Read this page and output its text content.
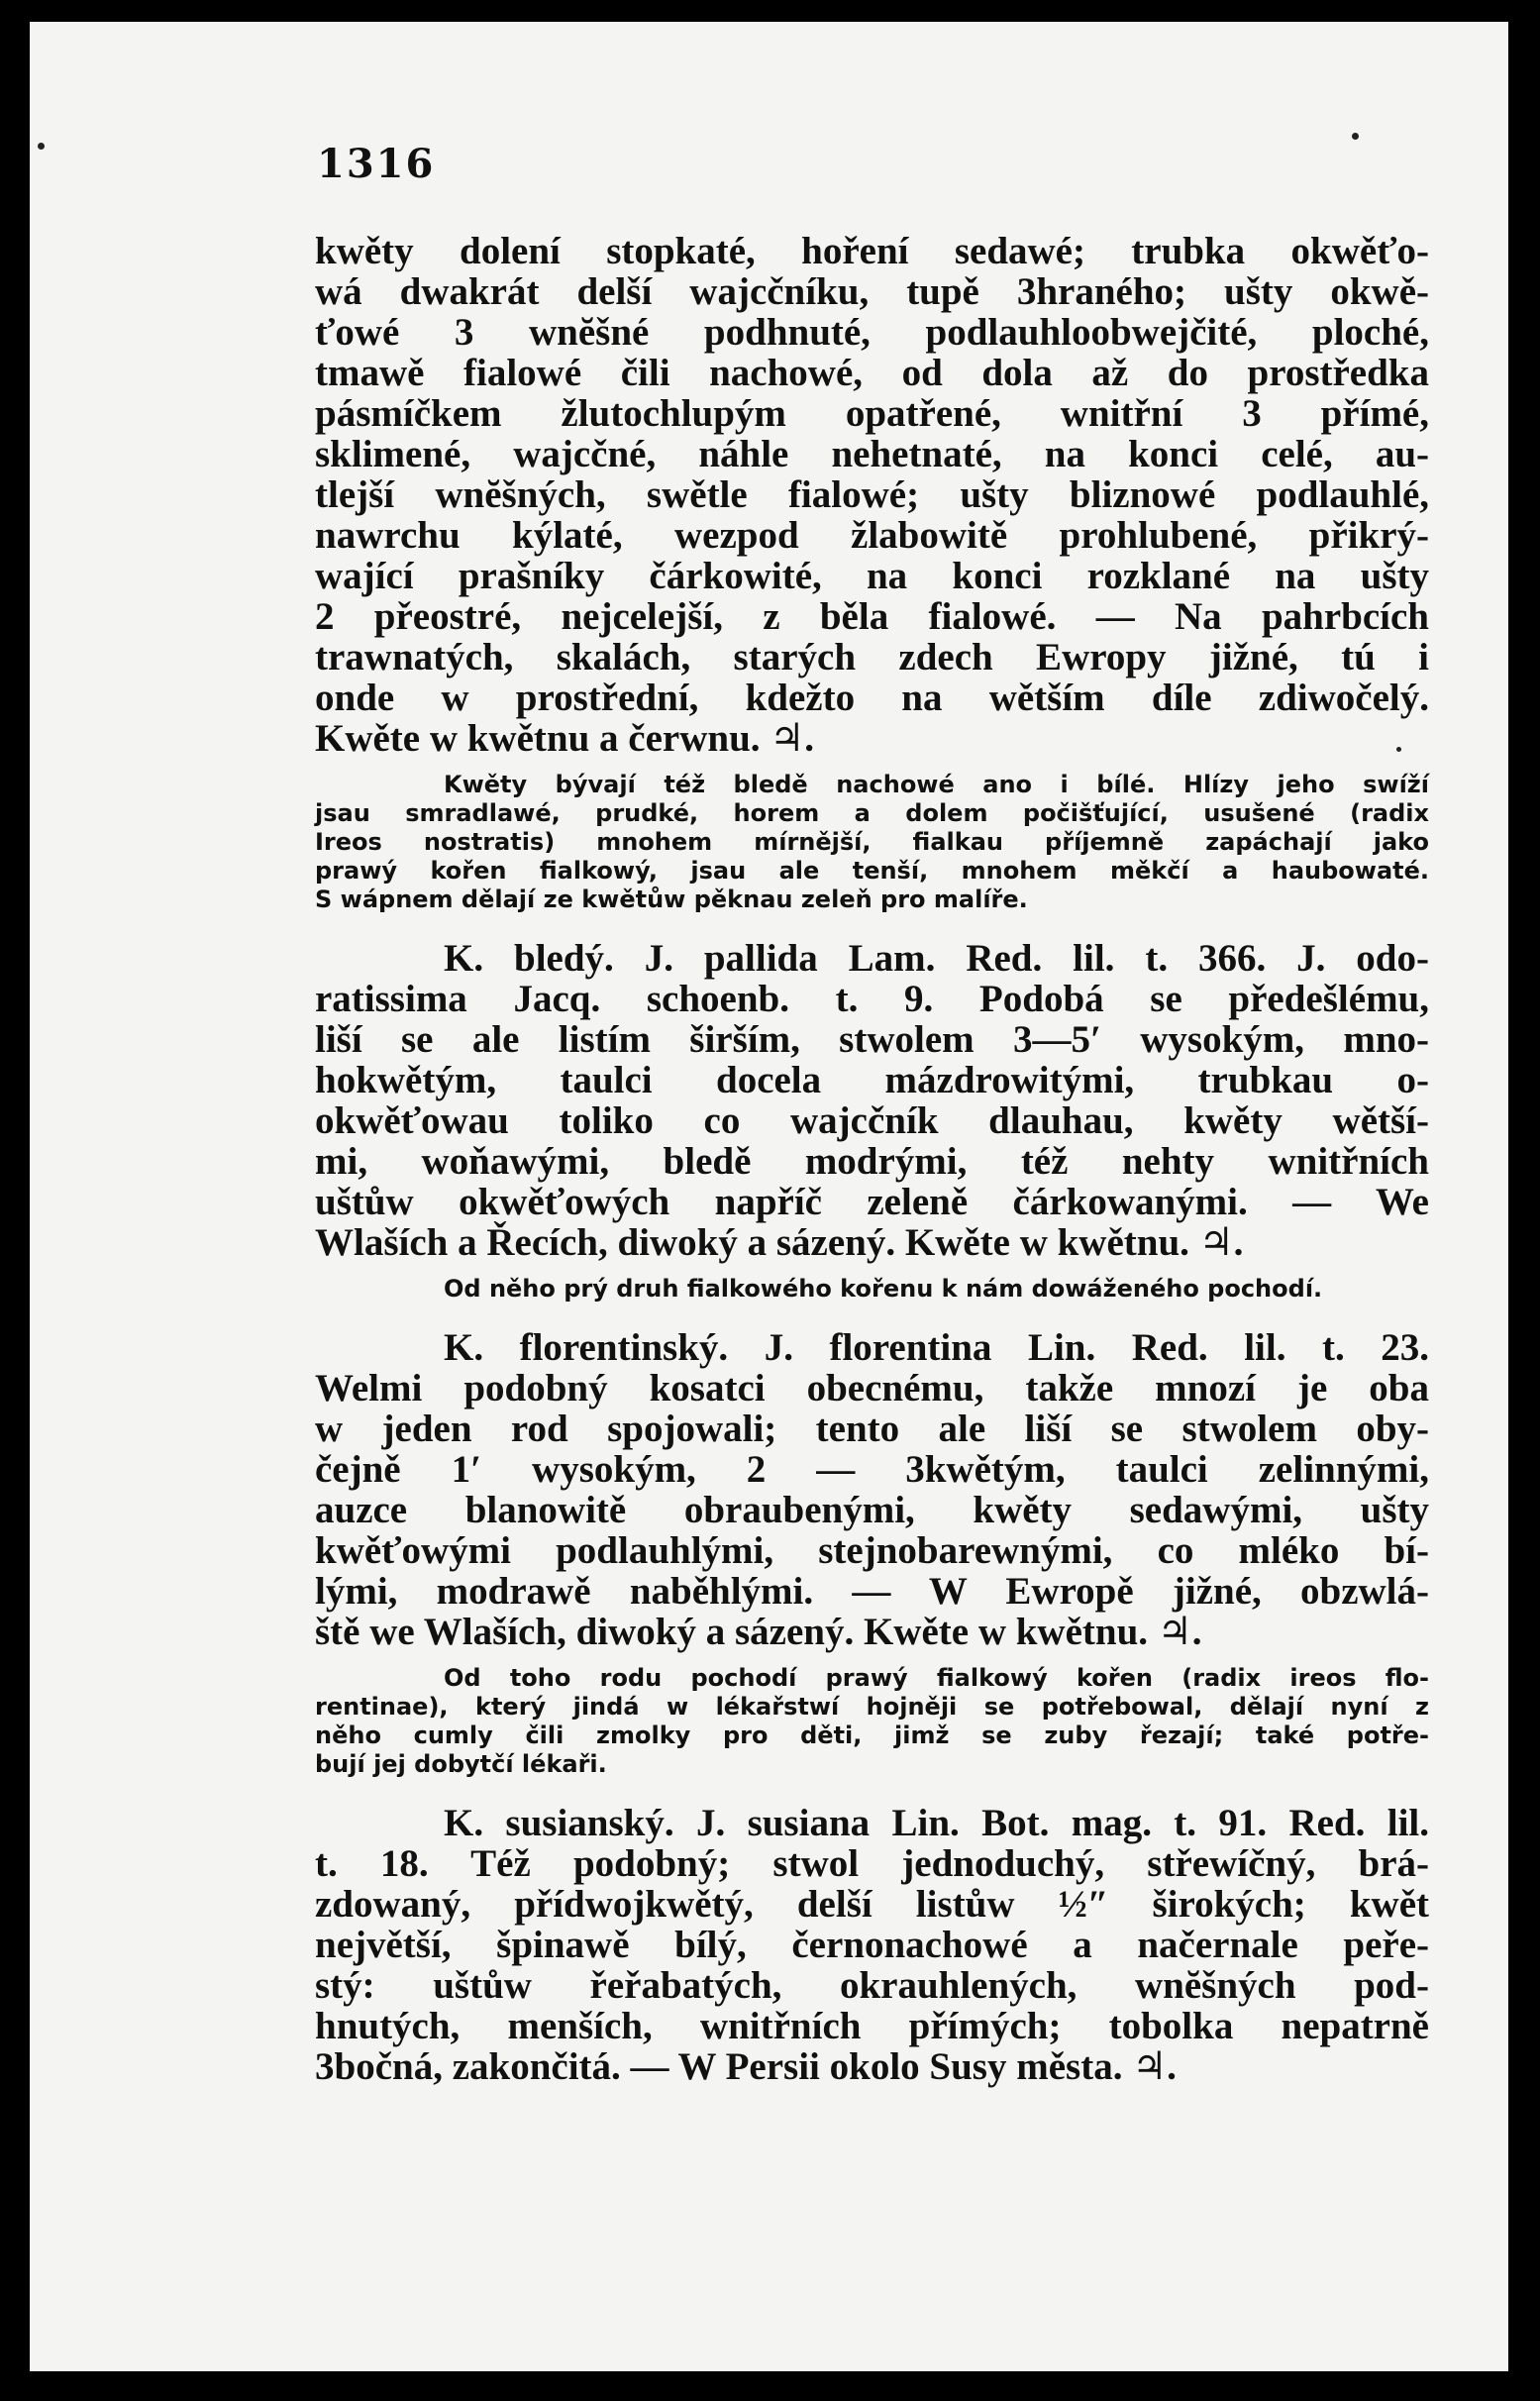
1316
kwěty dolení stopkaté, hoření sedawé; trubka okwěťo-
wá dwakrát delší wajcčníku, tupě 3hraného; ušty okwě-
ťowé 3 wnĕšné podhnuté, podlauhloobwejčité, ploché,
tmawě fialowé čili nachowé, od dola až do prostředka
pásmíčkem žlutochlupým opatřené, wnitřní 3 přímé,
sklimené, wajcčné, náhle nehetnaté, na konci celé, au-
tlejší wnĕšných, swětle fialowé; ušty bliznowé podlauhlé,
nawrchu kýlaté, wezpod žlabowitě prohlubené, přikrý-
wající prašníky čárkowité, na konci rozklané na ušty
2 přeostré, nejcelejší, z běla fialowé. — Na pahrbcích
trawnatých, skalách, starých zdech Ewropy jižné, tú i
onde w prostřední, kdežto na wětším díle zdiwočelý.
Kwěte w kwětnu a čerwnu. ♃.
Kwěty bývají též bledě nachowé ano i bílé. Hlízy jeho swíží
jsau smradlawé, prudké, horem a dolem počišťující, usušené (radix
Ireos nostratis) mnohem mírnější, fialkau příjemně zapáchají jako
prawý kořen fialkowý, jsau ale tenší, mnohem měkčí a haubowaté.
S wápnem dělají ze kwětůw pěknau zeleň pro malíře.
K. bledý. J. pallida Lam. Red. lil. t. 366. J. odo-
ratissima Jacq. schoenb. t. 9. Podobá se předešlému,
liší se ale listím širším, stwolem 3—5′ wysokým, mno-
hokwětým, taulci docela mázdrowitými, trubkau o-
okwěťowau toliko co wajcčník dlauhau, kwěty wětší-
mi, woňawými, bledě modrými, též nehty wnitřních
uštůw okwěťowých napříč zeleně čárkowanými. — We
Wlaších a Řecích, diwoký a sázený. Kwěte w kwětnu. ♃.
Od něho prý druh fialkowého kořenu k nám dowáženého pochodí.
K. florentinský. J. florentina Lin. Red. lil. t. 23.
Welmi podobný kosatci obecnému, takže mnozí je oba
w jeden rod spojowali; tento ale liší se stwolem oby-
čejně 1′ wysokým, 2 — 3kwětým, taulci zelinnými,
auzce blanowitě obraubenými, kwěty sedawými, ušty
kwěťowými podlauhlými, stejnobarewnými, co mléko bí-
lými, modrawě naběhlými. — W Ewropě jižné, obzwlá-
ště we Wlaších, diwoký a sázený. Kwěte w kwětnu. ♃.
Od toho rodu pochodí prawý fialkowý kořen (radix ireos flo-
rentinae), který jindá w lékařstwí hojněji se potřebowal, dělají nyní z
něho cumly čili zmolky pro děti, jimž se zuby řezají; také potře-
bují jej dobytčí lékaři.
K. susianský. J. susiana Lin. Bot. mag. t. 91. Red. lil.
t. 18. Též podobný; stwol jednoduchý, střewíčný, brá-
zdowaný, přídwojkwětý, delší listůw ½″ širokých; kwět
největší, špinawě bílý, černonachowé a načernale peře-
stý: uštůw řeřabatých, okrauhlených, wnĕšných pod-
hnutých, menších, wnitřních přímých; tobolka nepatrně
3bočná, zakončitá. — W Persii okolo Susy města. ♃.
